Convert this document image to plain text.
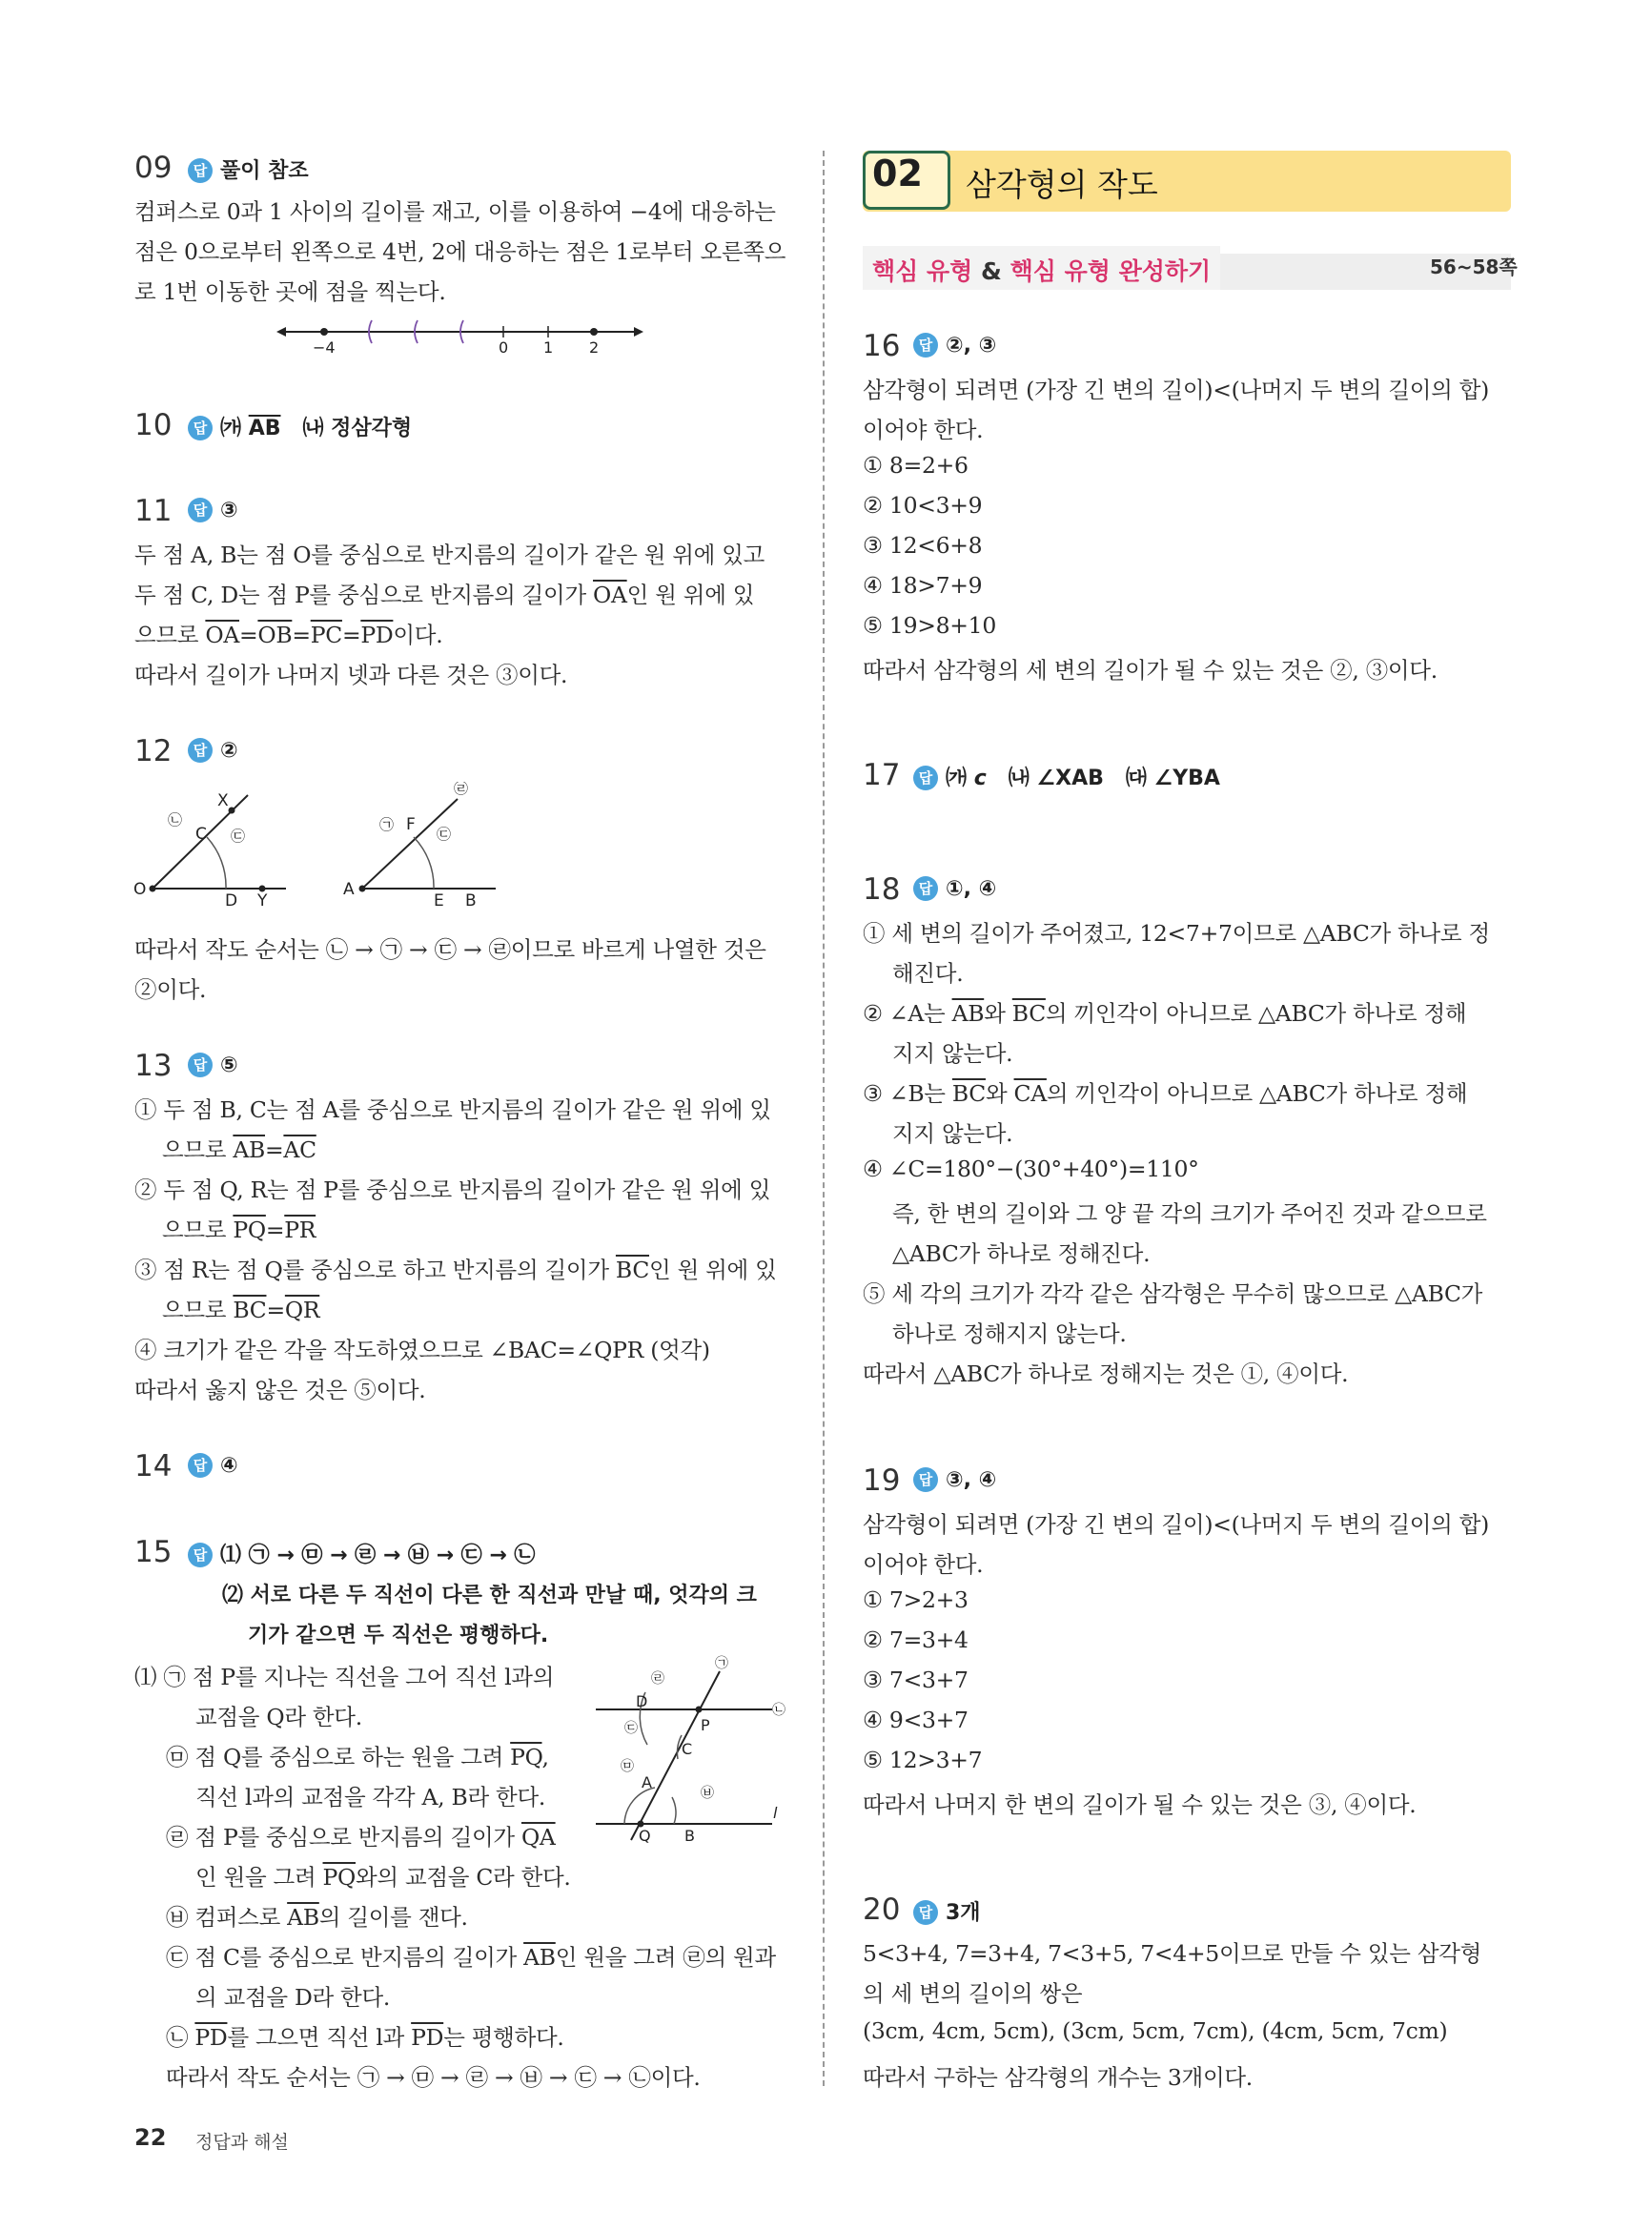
09	답 풀이 참조
컴퍼스로 0과 1 사이의 길이를 재고, 이를 이용하여 −4에 대응하는
점은 0으로부터 왼쪽으로 4번, 2에 대응하는 점은 1로부터 오른쪽으
로 1번 이동한 곳에 점을 찍는다.
−4	0 1 2
10	답 ㈎ $\overline{AB}$ ㈏ 정삼각형
11	답 ③
두 점 A, B는 점 O를 중심으로 반지름의 길이가 같은 원 위에 있고
두 점 C, D는 점 P를 중심으로 반지름의 길이가 $\overline{OA}$인 원 위에 있
으므로 $\overline{OA}=\overline{OB}=\overline{PC}=\overline{PD}$이다.
따라서 길이가 나머지 넷과 다른 것은 ③이다.
12	답 ②
O
X
C
D Y
㉡
㉢
A
F
E B
㉠
㉢
㉣
따라서 작도 순서는 ㉡ → ㉠ → ㉢ → ㉣이므로 바르게 나열한 것은
②이다.
13	답 ⑤
① 두 점 B, C는 점 A를 중심으로 반지름의 길이가 같은 원 위에 있
으므로 $\overline{AB}=\overline{AC}$
② 두 점 Q, R는 점 P를 중심으로 반지름의 길이가 같은 원 위에 있
으므로 $\overline{PQ}=\overline{PR}$
③ 점 R는 점 Q를 중심으로 하고 반지름의 길이가 $\overline{BC}$인 원 위에 있
으므로 $\overline{BC}=\overline{QR}$
④ 크기가 같은 각을 작도하였으므로 ∠BAC=∠QPR (엇각)
따라서 옳지 않은 것은 ⑤이다.
14	답 ④
15	답 ⑴ ㉠ → ㉤ → ㉣ → ㉥ → ㉢ → ㉡
⑵ 서로 다른 두 직선이 다른 한 직선과 만날 때, 엇각의 크
기가 같으면 두 직선은 평행하다.
⑴ ㉠ 점 P를 지나는 직선을 그어 직선 l과의
교점을 Q라 한다.
㉤ 점 Q를 중심으로 하는 원을 그려 $\overline{PQ}$,
직선 l과의 교점을 각각 A, B라 한다.
㉣ 점 P를 중심으로 반지름의 길이가 $\overline{QA}$
인 원을 그려 $\overline{PQ}$와의 교점을 C라 한다.
㉥ 컴퍼스로 $\overline{AB}$의 길이를 잰다.
㉢ 점 C를 중심으로 반지름의 길이가 $\overline{AB}$인 원을 그려 ㉣의 원과
의 교점을 D라 한다.
㉡ $\overline{PD}$를 그으면 직선 l과 $\overline{PD}$는 평행하다.
따라서 작도 순서는 ㉠ → ㉤ → ㉣ → ㉥ → ㉢ → ㉡이다.
D
P
C
A
Q B
l
㉠
㉡
㉢
㉣
㉤
㉥
02 삼각형의 작도
핵심 유형 & 핵심 유형 완성하기	56~58쪽
16	답 ②, ③
삼각형이 되려면 (가장 긴 변의 길이)<(나머지 두 변의 길이의 합)
이어야 한다.
① 8=2+6
② 10<3+9
③ 12<6+8
④ 18>7+9
⑤ 19>8+10
따라서 삼각형의 세 변의 길이가 될 수 있는 것은 ②, ③이다.
17	답 ㈎ c ㈏ ∠XAB ㈐ ∠YBA
18	답 ①, ④
① 세 변의 길이가 주어졌고, 12<7+7이므로 △ABC가 하나로 정
해진다.
② ∠A는 $\overline{AB}$와 $\overline{BC}$의 끼인각이 아니므로 △ABC가 하나로 정해
지지 않는다.
③ ∠B는 $\overline{BC}$와 $\overline{CA}$의 끼인각이 아니므로 △ABC가 하나로 정해
지지 않는다.
④ ∠C=180°−(30°+40°)=110°
즉, 한 변의 길이와 그 양 끝 각의 크기가 주어진 것과 같으므로
△ABC가 하나로 정해진다.
⑤ 세 각의 크기가 각각 같은 삼각형은 무수히 많으므로 △ABC가
하나로 정해지지 않는다.
따라서 △ABC가 하나로 정해지는 것은 ①, ④이다.
19	답 ③, ④
삼각형이 되려면 (가장 긴 변의 길이)<(나머지 두 변의 길이의 합)
이어야 한다.
① 7>2+3
② 7=3+4
③ 7<3+7
④ 9<3+7
⑤ 12>3+7
따라서 나머지 한 변의 길이가 될 수 있는 것은 ③, ④이다.
20	답 3개
5<3+4, 7=3+4, 7<3+5, 7<4+5이므로 만들 수 있는 삼각형
의 세 변의 길이의 쌍은
(3cm, 4cm, 5cm), (3cm, 5cm, 7cm), (4cm, 5cm, 7cm)
따라서 구하는 삼각형의 개수는 3개이다.
22 정답과 해설
